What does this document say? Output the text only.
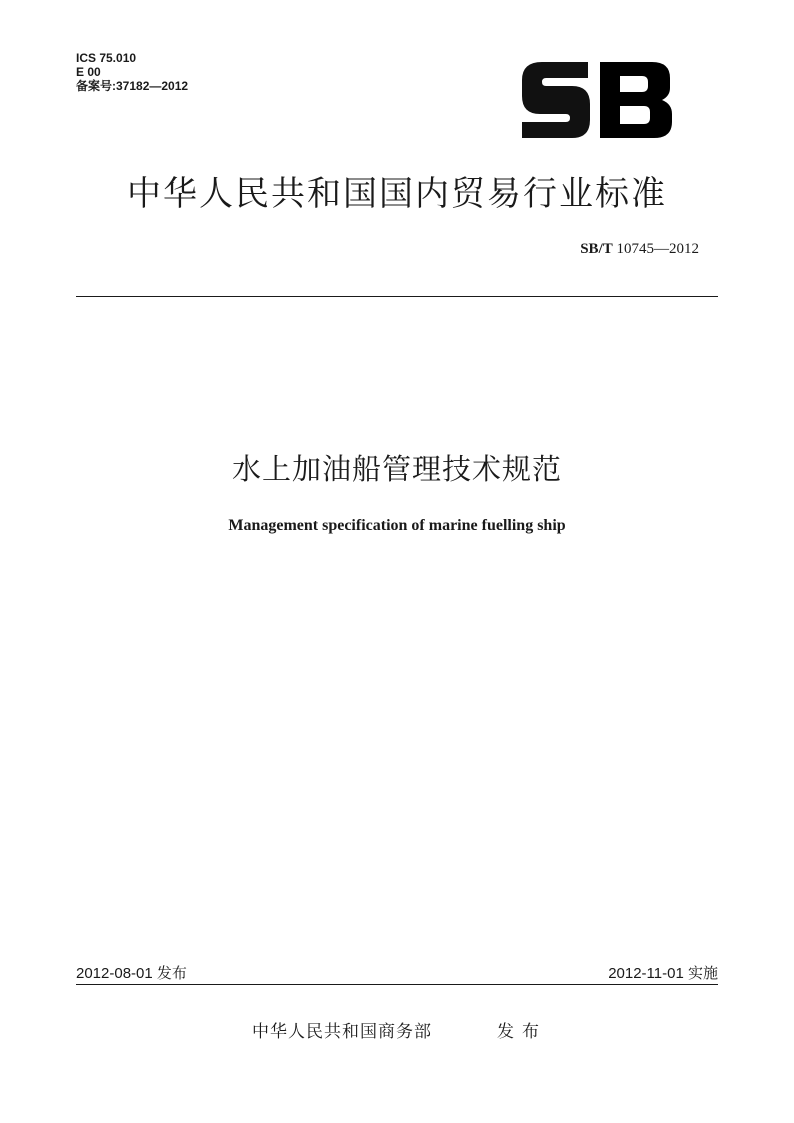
ICS 75.010
E 00
备案号:37182—2012
中华人民共和国国内贸易行业标准
SB/T 10745—2012
水上加油船管理技术规范
Management specification of marine fuelling ship
2012-08-01 发布	2012-11-01 实施
中华人民共和国商务部	发布
